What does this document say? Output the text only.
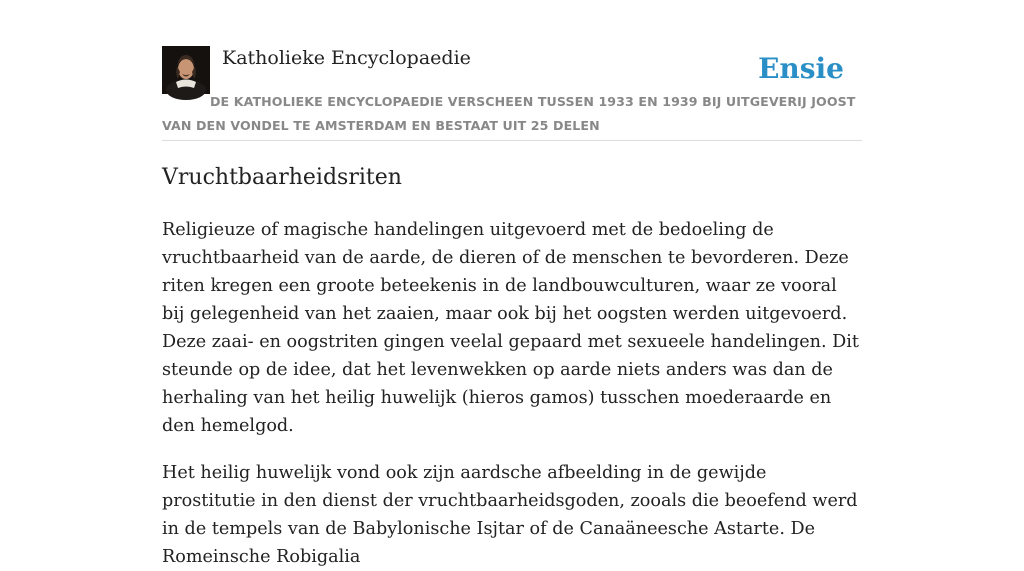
Katholieke Encyclopaedie	Ensie
DE KATHOLIEKE ENCYCLOPAEDIE VERSCHEEN TUSSEN 1933 EN 1939 BIJ UITGEVERIJ JOOST VAN DEN VONDEL TE AMSTERDAM EN BESTAAT UIT 25 DELEN
Vruchtbaarheidsriten

Religieuze of magische handelingen uitgevoerd met de bedoeling de vruchtbaarheid van de aarde, de dieren of de menschen te bevorderen. Deze riten kregen een groote beteekenis in de landbouwculturen, waar ze vooral bij gelegenheid van het zaaien, maar ook bij het oogsten werden uitgevoerd. Deze zaai- en oogstriten gingen veelal gepaard met sexueele handelingen. Dit steunde op de idee, dat het levenwekken op aarde niets anders was dan de herhaling van het heilig huwelijk (hieros gamos) tusschen moederaarde en den hemelgod.

Het heilig huwelijk vond ook zijn aardsche afbeelding in de gewijde prostitutie in den dienst der vruchtbaarheidsgoden, zooals die beoefend werd in de tempels van de Babylonische Isjtar of de Canaäneesche Astarte. De Romeinsche Robigalia
